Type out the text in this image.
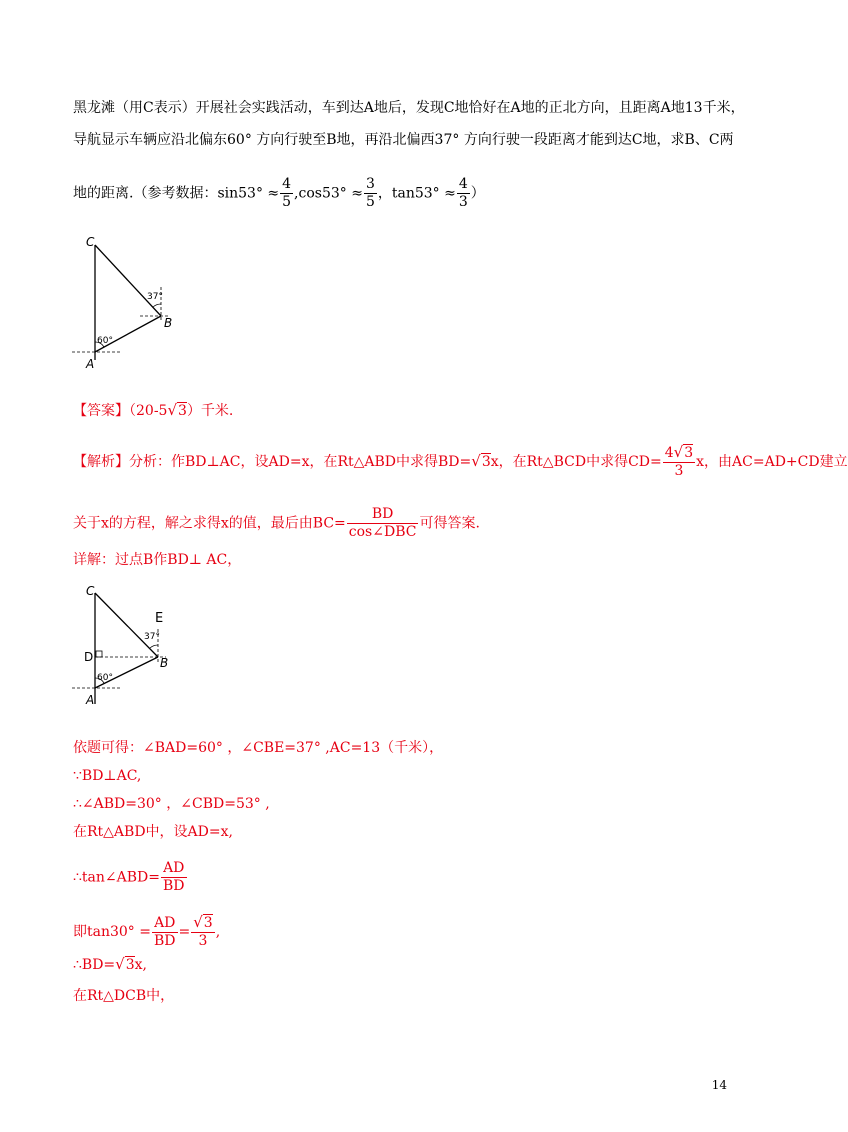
黑龙滩（用C表示）开展社会实践活动，车到达A地后，发现C地恰好在A地的正北方向，且距离A地13千米，
导航显示车辆应沿北偏东60° 方向行驶至B地，再沿北偏西37° 方向行驶一段距离才能到达C地，求B、C两
地的距离.（参考数据：$\sin 53^\circ \approx \frac{4}{5} ,\cos 53^\circ \approx \frac{3}{5}$ ，$\tan 53^\circ \approx \frac{4}{3}$ ）
C
B
A
60°
37°
【答案】（20-5√3）千米.
【解析】分析：作BD⊥AC，设AD=x，在Rt△ABD中求得BD=√3x，在Rt△BCD中求得$CD= \frac{4√3}{3}$ x，由AC=AD+CD建立
关于x的方程，解之求得x的值，最后由$BC= \frac{BD}{\text{cos∠DBC}}$ 可得答案.
详解：过点B作BD⊥ AC，
C
E
D	B
A
60°
37°
依题可得：∠BAD=60° ，∠CBE=37° ,AC=13（千米），
∵BD⊥AC,
∴∠ABD=30° ，∠CBD=53° ,
在Rt△ABD中，设AD=x,
∴tan∠ABD= $\frac{AD}{BD}$
即$\tan 30^\circ = \frac{AD}{BD} = \frac{√3}{3}$ ,
∴BD=√3x,
在Rt△DCB中，
14
